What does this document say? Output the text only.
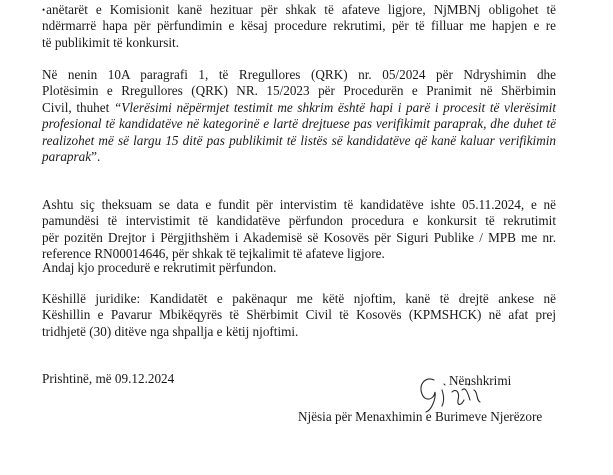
•anëtarët e Komisionit kanë hezituar për shkak të afateve ligjore, NjMBNj obligohet të
ndërmarrë hapa për përfundimin e kësaj procedure rekrutimi, për të filluar me hapjen e re
të publikimit të konkursit.
Në nenin 10A paragrafi 1, të Rregullores (QRK) nr. 05/2024 për Ndryshimin dhe
Plotësimin e Rregullores (QRK) NR. 15/2023 për Procedurën e Pranimit në Shërbimin
Civil, thuhet “Vlerësimi nëpërmjet testimit me shkrim është hapi i parë i procesit të vlerësimit
profesional të kandidatëve në kategorinë e lartë drejtuese pas verifikimit paraprak, dhe duhet të
realizohet më së largu 15 ditë pas publikimit të listës së kandidatëve që kanë kaluar verifikimin
paraprak”.
Ashtu siç theksuam se data e fundit për intervistim të kandidatëve ishte 05.11.2024, e në
pamundësi të intervistimit të kandidatëve përfundon procedura e konkursit të rekrutimit
për pozitën Drejtor i Përgjithshëm i Akademisë së Kosovës për Siguri Publike / MPB me nr.
reference RN00014646, për shkak të tejkalimit të afateve ligjore.
Andaj kjo procedurë e rekrutimit përfundon.
Këshillë juridike: Kandidatët e pakënaqur me këtë njoftim, kanë të drejtë ankese në
Këshillin e Pavarur Mbikëqyrës të Shërbimit Civil të Kosovës (KPMSHCK) në afat prej
tridhjetë (30) ditëve nga shpallja e këtij njoftimi.
Prishtinë, më 09.12.2024	Nënshkrimi
Njësia për Menaxhimin e Burimeve Njerëzore
